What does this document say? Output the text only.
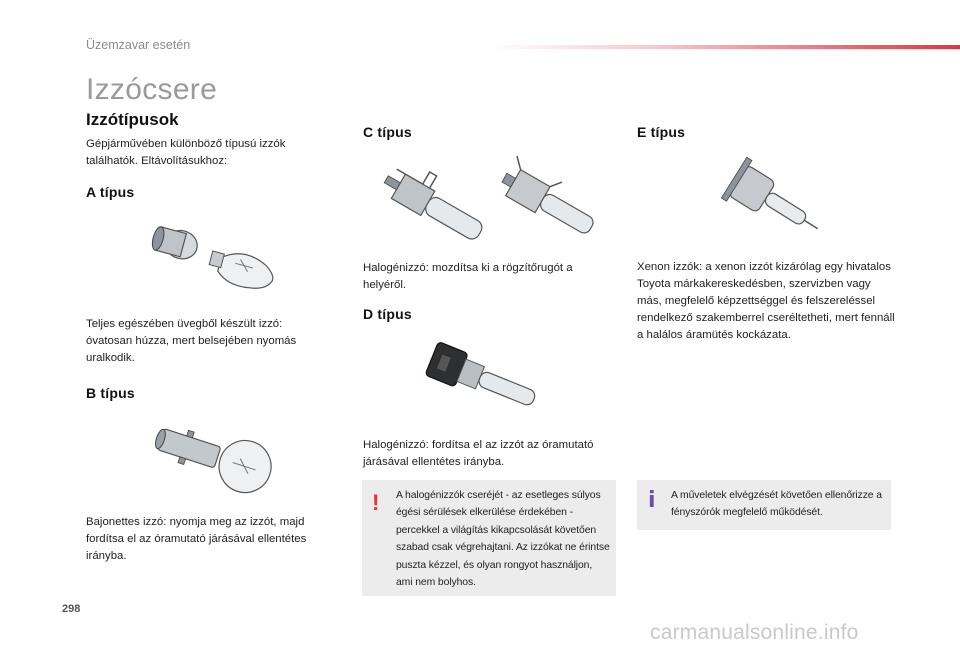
Üzemzavar esetén
Izzócsere
Izzótípusok
Gépjárművében különböző típusú izzók találhatók. Eltávolításukhoz:
A típus
Teljes egészében üvegből készült izzó: óvatosan húzza, mert belsejében nyomás uralkodik.
B típus
Bajonettes izzó: nyomja meg az izzót, majd fordítsa el az óramutató járásával ellentétes irányba.
C típus
Halogénizzó: mozdítsa ki a rögzítőrugót a helyéről.
D típus
Halogénizzó: fordítsa el az izzót az óramutató járásával ellentétes irányba.
! A halogénizzók cseréjét - az esetleges súlyos égési sérülések elkerülése érdekében - percekkel a világítás kikapcsolását követően szabad csak végrehajtani. Az izzókat ne érintse puszta kézzel, és olyan rongyot használjon, ami nem bolyhos.
E típus
Xenon izzók: a xenon izzót kizárólag egy hivatalos Toyota márkakereskedésben, szervizben vagy más, megfelelő képzettséggel és felszereléssel rendelkező szakemberrel cseréltetheti, mert fennáll a halálos áramütés kockázata.
i A műveletek elvégzését követően ellenőrizze a fényszórók megfelelő működését.
298
carmanualsonline.info
